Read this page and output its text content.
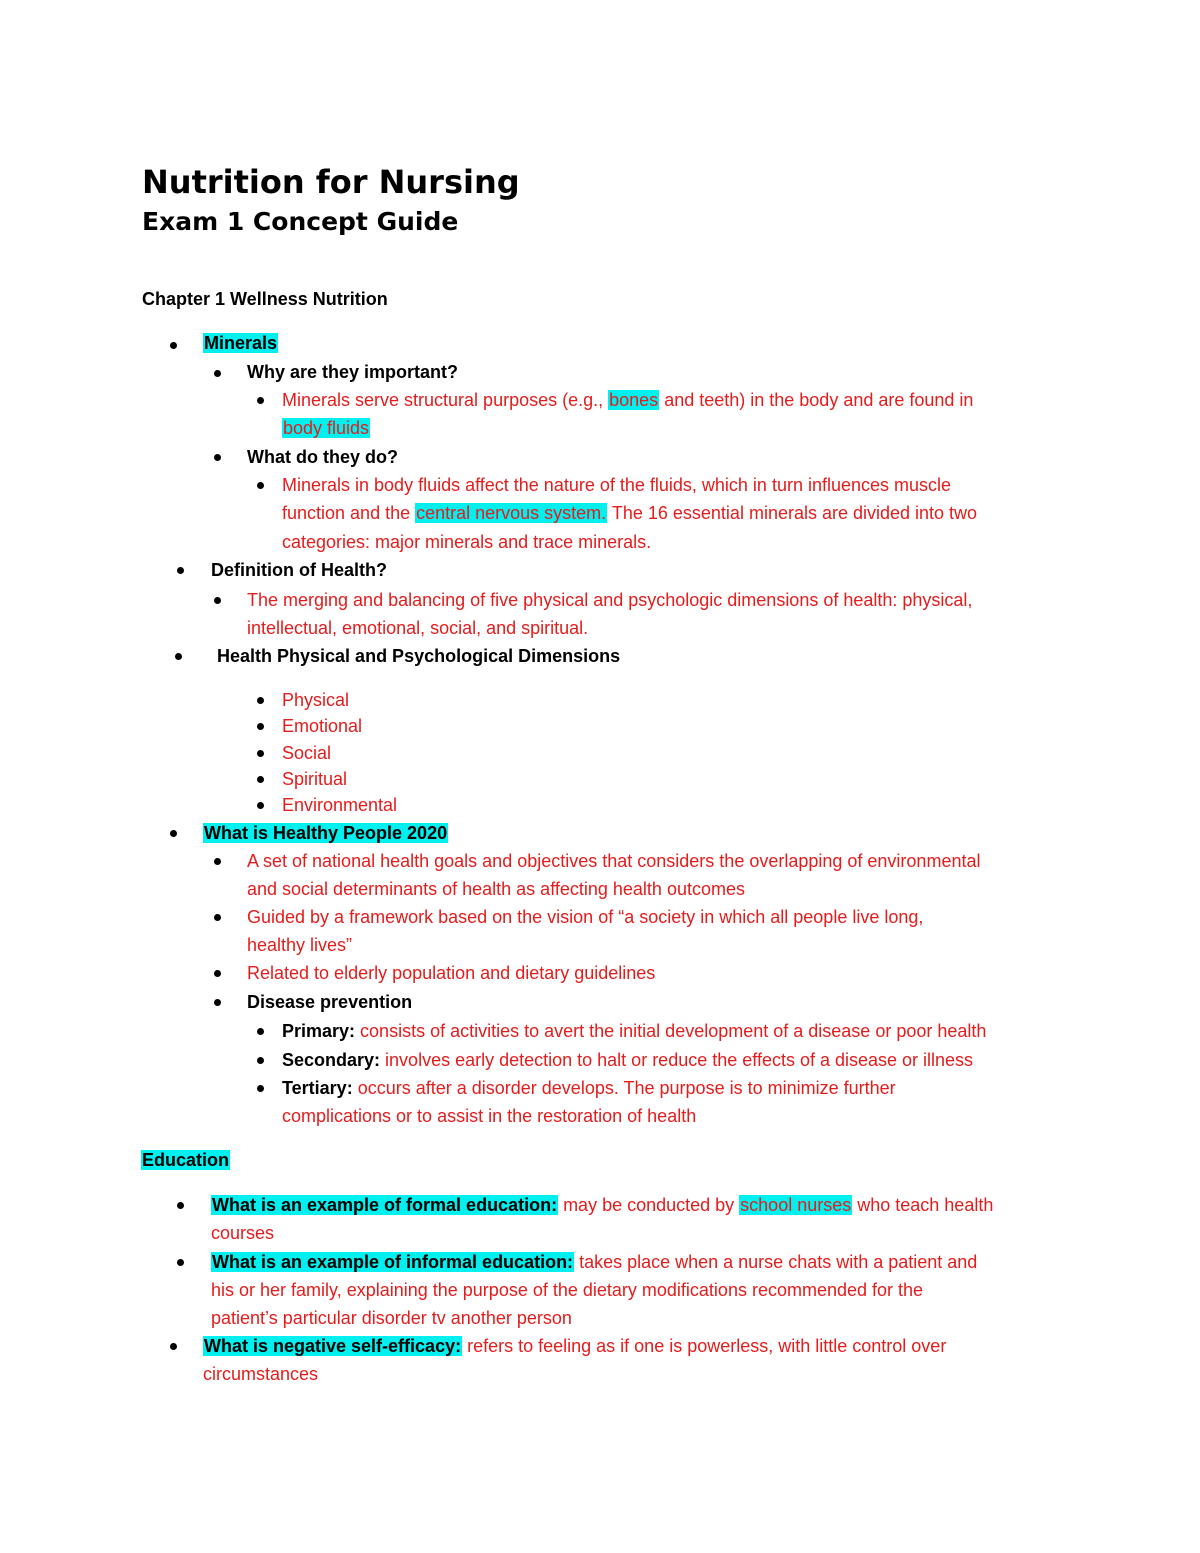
Nutrition for Nursing
Exam 1 Concept Guide
Chapter 1 Wellness Nutrition
Minerals
Why are they important?
Minerals serve structural purposes (e.g., bones and teeth) in the body and are found in
body fluids
What do they do?
Minerals in body fluids affect the nature of the fluids, which in turn influences muscle
function and the central nervous system. The 16 essential minerals are divided into two
categories: major minerals and trace minerals.
Definition of Health?
The merging and balancing of five physical and psychologic dimensions of health: physical,
intellectual, emotional, social, and spiritual.
Health Physical and Psychological Dimensions
Physical
Emotional
Social
Spiritual
Environmental
What is Healthy People 2020
A set of national health goals and objectives that considers the overlapping of environmental
and social determinants of health as affecting health outcomes
Guided by a framework based on the vision of “a society in which all people live long,
healthy lives”
Related to elderly population and dietary guidelines
Disease prevention
Primary: consists of activities to avert the initial development of a disease or poor health
Secondary: involves early detection to halt or reduce the effects of a disease or illness
Tertiary: occurs after a disorder develops. The purpose is to minimize further
complications or to assist in the restoration of health
Education
What is an example of formal education: may be conducted by school nurses who teach health
courses
What is an example of informal education: takes place when a nurse chats with a patient and
his or her family, explaining the purpose of the dietary modifications recommended for the
patient’s particular disorder tv another person
What is negative self-efficacy: refers to feeling as if one is powerless, with little control over
circumstances
